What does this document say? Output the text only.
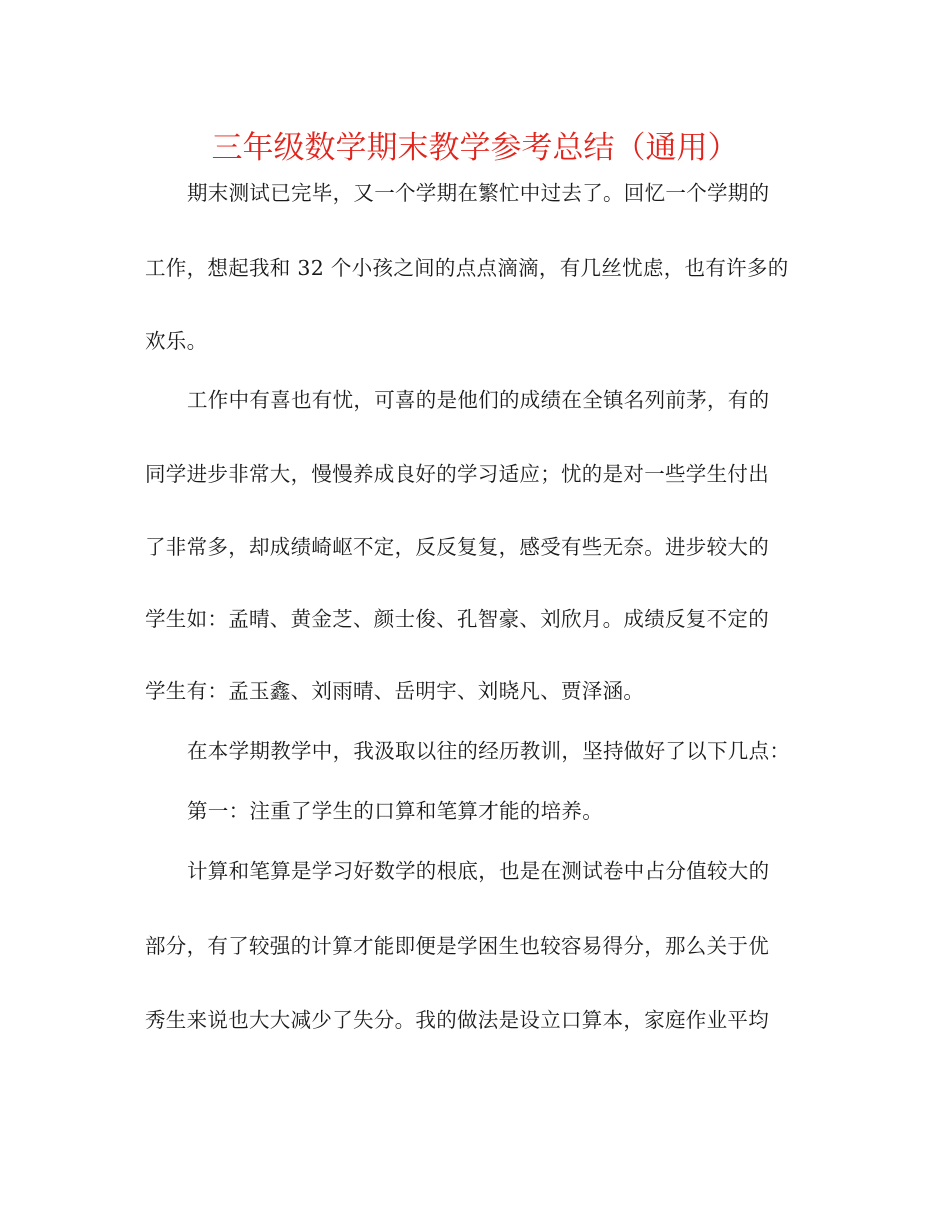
三年级数学期末教学参考总结（通用）
期末测试已完毕，又一个学期在繁忙中过去了。回忆一个学期的
工作，想起我和 32 个小孩之间的点点滴滴，有几丝忧虑，也有许多的
欢乐。
工作中有喜也有忧，可喜的是他们的成绩在全镇名列前茅，有的
同学进步非常大，慢慢养成良好的学习适应；忧的是对一些学生付出
了非常多，却成绩崎岖不定，反反复复，感受有些无奈。进步较大的
学生如：孟晴、黄金芝、颜士俊、孔智豪、刘欣月。成绩反复不定的
学生有：孟玉鑫、刘雨晴、岳明宇、刘晓凡、贾泽涵。
在本学期教学中，我汲取以往的经历教训，坚持做好了以下几点：
第一：注重了学生的口算和笔算才能的培养。
计算和笔算是学习好数学的根底，也是在测试卷中占分值较大的
部分，有了较强的计算才能即便是学困生也较容易得分，那么关于优
秀生来说也大大减少了失分。我的做法是设立口算本，家庭作业平均
